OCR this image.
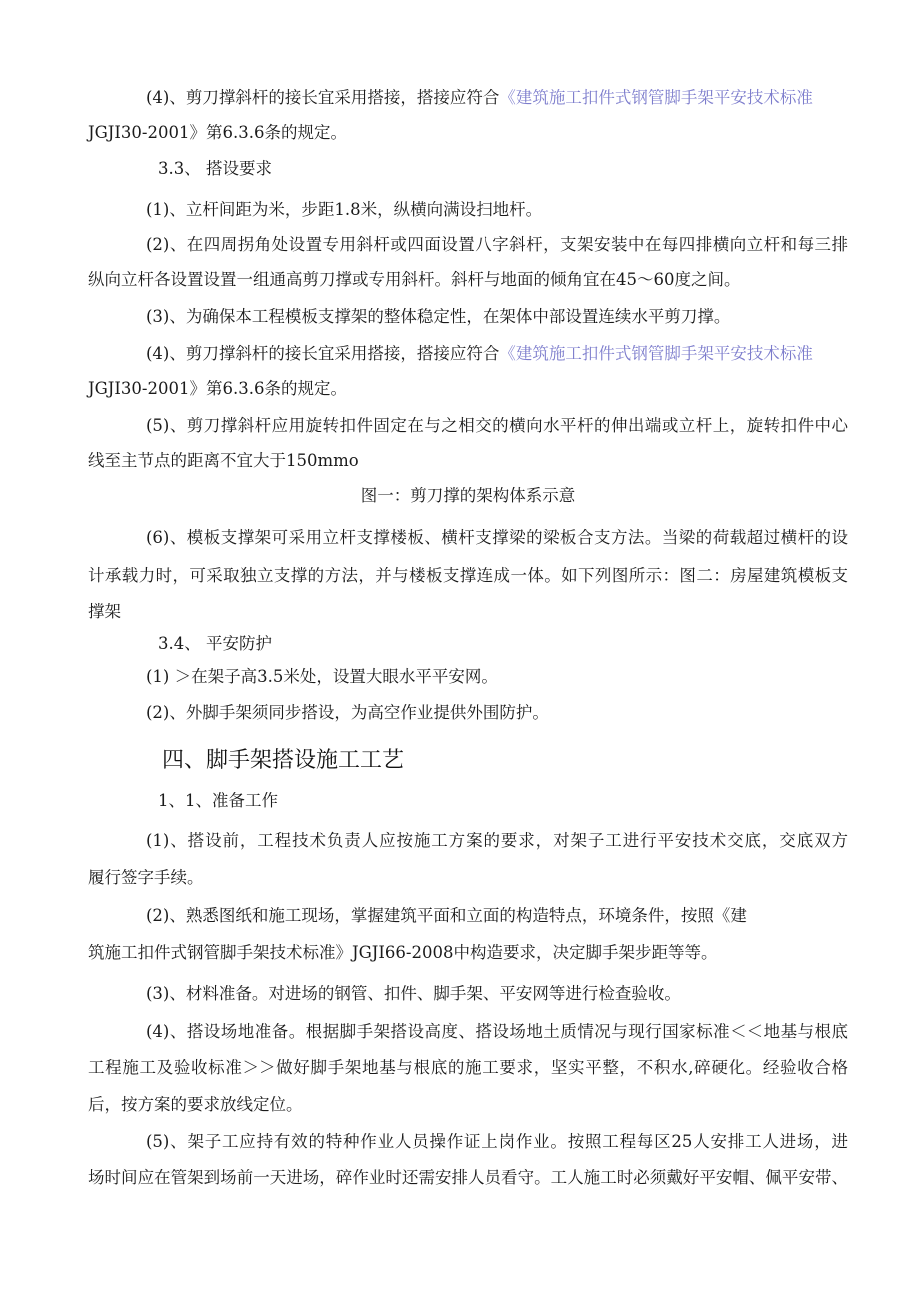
(4)、剪刀撑斜杆的接长宜采用搭接，搭接应符合《建筑施工扣件式钢管脚手架平安技术标准

JGJI30-2001》第6.3.6条的规定。

3.3、 搭设要求

(1)、立杆间距为米，步距1.8米，纵横向满设扫地杆。

(2)、在四周拐角处设置专用斜杆或四面设置八字斜杆，支架安装中在每四排横向立杆和每三排

纵向立杆各设置设置一组通高剪刀撑或专用斜杆。斜杆与地面的倾角宜在45～60度之间。

(3)、为确保本工程模板支撑架的整体稳定性，在架体中部设置连续水平剪刀撑。

(4)、剪刀撑斜杆的接长宜采用搭接，搭接应符合《建筑施工扣件式钢管脚手架平安技术标准

JGJI30-2001》第6.3.6条的规定。

(5)、剪刀撑斜杆应用旋转扣件固定在与之相交的横向水平杆的伸出端或立杆上，旋转扣件中心

线至主节点的距离不宜大于150mmo

图一：剪刀撑的架构体系示意

(6)、模板支撑架可采用立杆支撑楼板、横杆支撑梁的梁板合支方法。当梁的荷载超过横杆的设

计承载力时，可采取独立支撑的方法，并与楼板支撑连成一体。如下列图所示：图二：房屋建筑模板支

撑架

3.4、 平安防护

(1) ＞在架子高3.5米处，设置大眼水平平安网。

(2)、外脚手架须同步搭设，为高空作业提供外围防护。

四、脚手架搭设施工工艺

1、1、准备工作

(1)、搭设前，工程技术负责人应按施工方案的要求，对架子工进行平安技术交底，交底双方

履行签字手续。

(2)、熟悉图纸和施工现场，掌握建筑平面和立面的构造特点，环境条件，按照《建

筑施工扣件式钢管脚手架技术标准》JGJI66-2008中构造要求，决定脚手架步距等等。

(3)、材料准备。对进场的钢管、扣件、脚手架、平安网等进行检查验收。

(4)、搭设场地准备。根据脚手架搭设高度、搭设场地土质情况与现行国家标准＜＜地基与根底

工程施工及验收标准＞＞做好脚手架地基与根底的施工要求，坚实平整，不积水,碎硬化。经验收合格

后，按方案的要求放线定位。

(5)、架子工应持有效的特种作业人员操作证上岗作业。按照工程每区25人安排工人进场，进

场时间应在管架到场前一天进场，碎作业时还需安排人员看守。工人施工时必须戴好平安帽、佩平安带、
